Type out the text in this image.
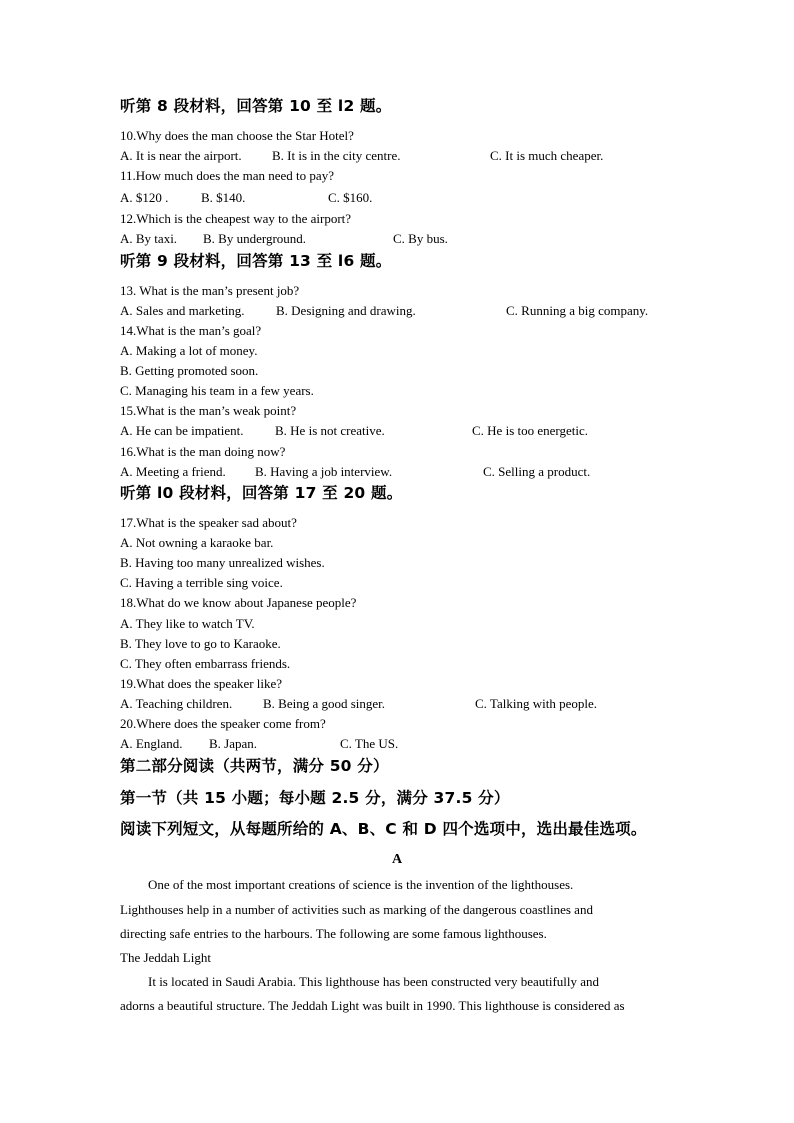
听第 8 段材料，回答第 10 至 l2 题。
10.Why does the man choose the Star Hotel?
A. It is near the airport. B. It is in the city centre.	C. It is much cheaper.
11.How much does the man need to pay?
A. $120 .	B. $140.	C. $160.
12.Which is the cheapest way to the airport?
A. By taxi. B. By underground.	C. By bus.
听第 9 段材料，回答第 13 至 l6 题。
13. What is the man’s present job?
A. Sales and marketing. B. Designing and drawing.	C. Running a big company.
14.What is the man’s goal?
A. Making a lot of money.
B. Getting promoted soon.
C. Managing his team in a few years.
15.What is the man’s weak point?
A. He can be impatient. B. He is not creative.	C. He is too energetic.
16.What is the man doing now?
A. Meeting a friend. B. Having a job interview.	C. Selling a product.
听第 l0 段材料，回答第 17 至 20 题。
17.What is the speaker sad about?
A. Not owning a karaoke bar.
B. Having too many unrealized wishes.
C. Having a terrible sing voice.
18.What do we know about Japanese people?
A. They like to watch TV.
B. They love to go to Karaoke.
C. They often embarrass friends.
19.What does the speaker like?
A. Teaching children. B. Being a good singer.	C. Talking with people.
20.Where does the speaker come from?
A. England. B. Japan.	C. The US.
第二部分阅读（共两节，满分 50 分）
第一节（共 15 小题；每小题 2.5 分，满分 37.5 分）
阅读下列短文，从每题所给的 A、B、C 和 D 四个选项中，选出最佳选项。
A
One of the most important creations of science is the invention of the lighthouses.
Lighthouses help in a number of activities such as marking of the dangerous coastlines and
directing safe entries to the harbours. The following are some famous lighthouses.
The Jeddah Light
It is located in Saudi Arabia. This lighthouse has been constructed very beautifully and
adorns a beautiful structure. The Jeddah Light was built in 1990. This lighthouse is considered as
